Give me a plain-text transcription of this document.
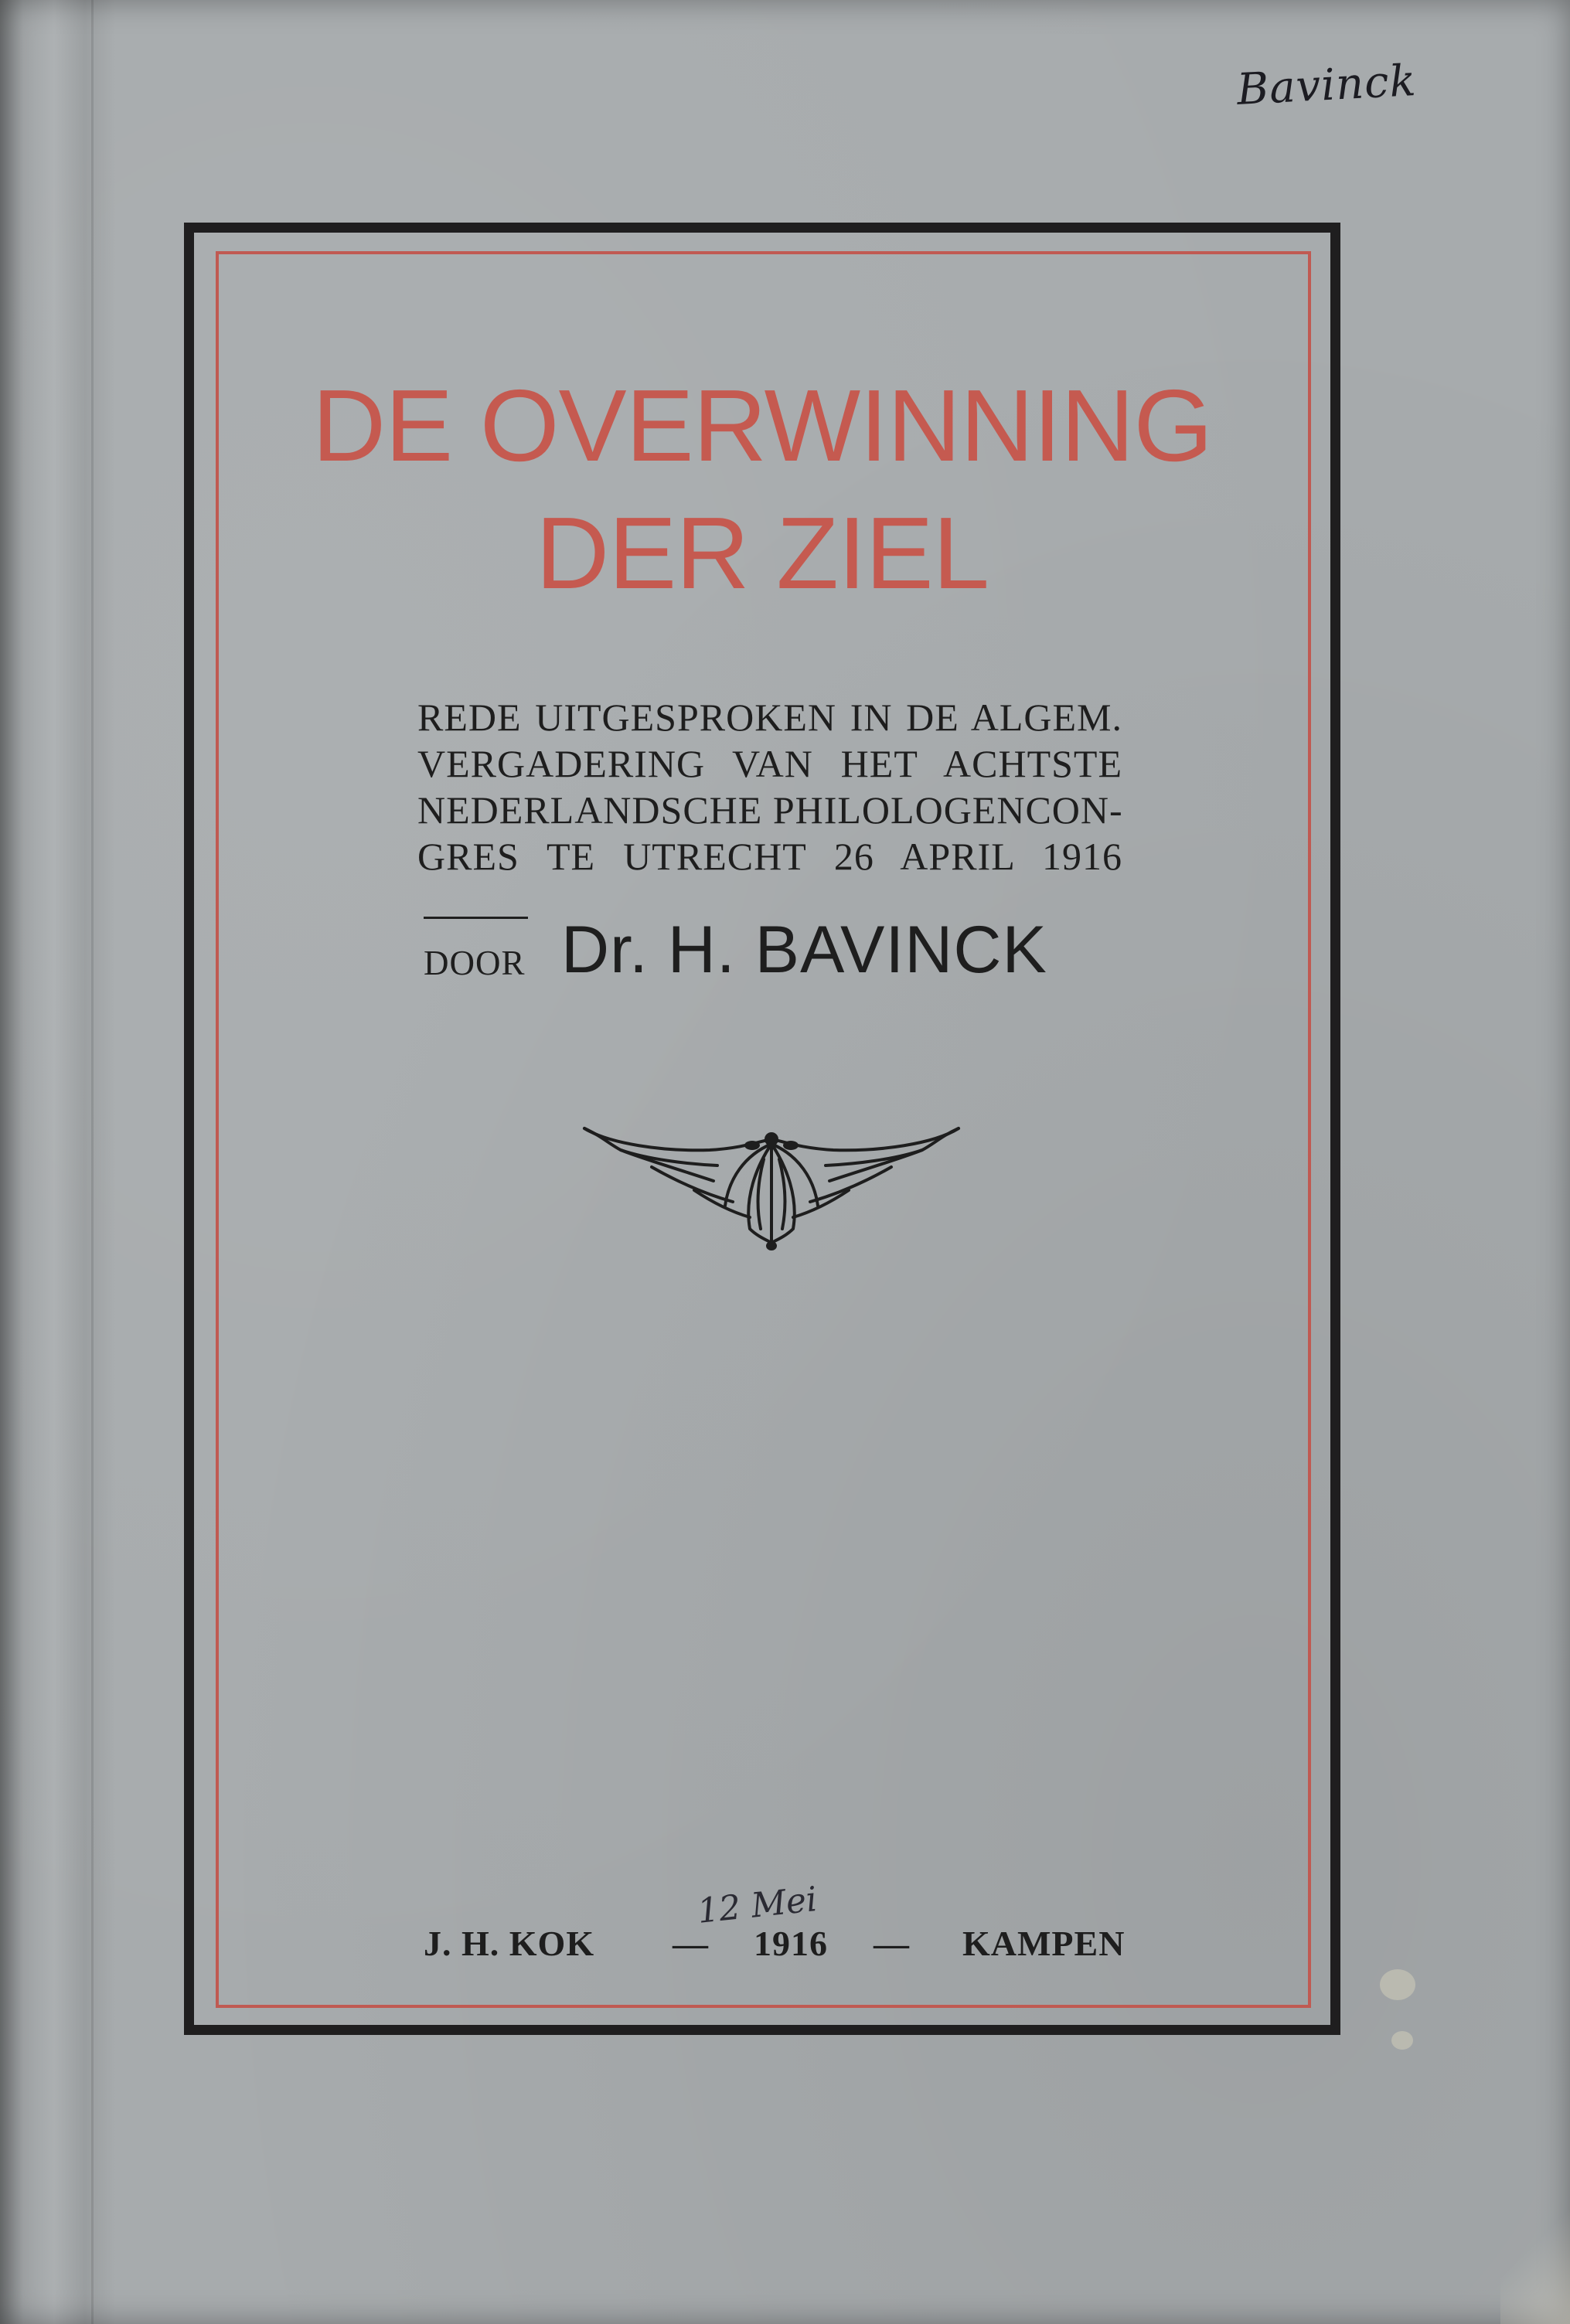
Bavinck
DE OVERWINNING
DER ZIEL
REDE UITGESPROKEN IN DE ALGEM.
VERGADERING VAN HET ACHTSTE
NEDERLANDSCHE PHILOLOGENCON-
GRES TE UTRECHT 26 APRIL 1916
DOOR Dr. H. BAVINCK
12 Mei
J. H. KOK — 1916 — KAMPEN
